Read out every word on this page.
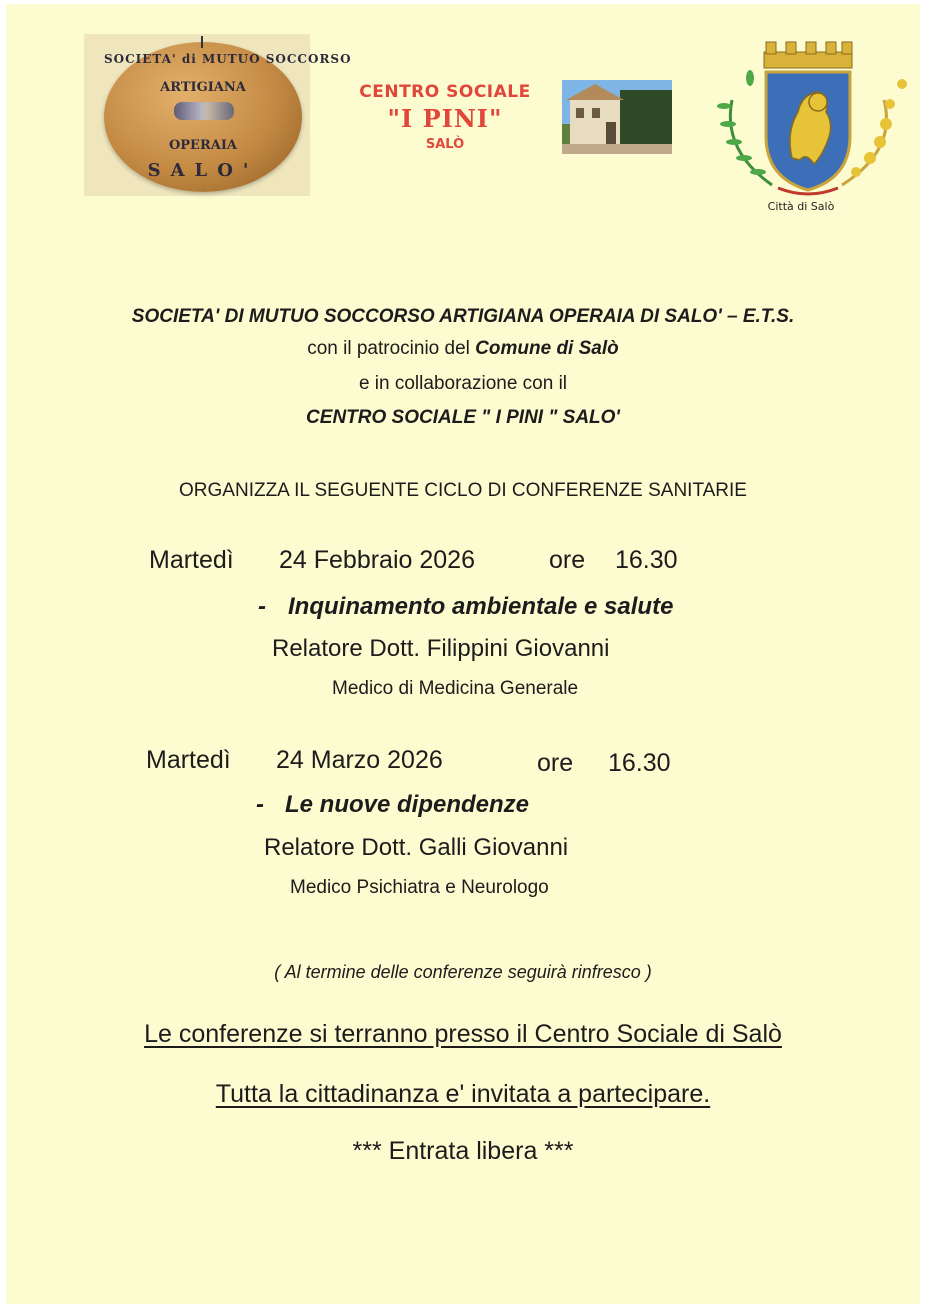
SOCIETA' di MUTUO SOCCORSO
ARTIGIANA
OPERAIA
SALO'
CENTRO SOCIALE
"I PINI"
SALÒ
Città di Salò
SOCIETA' DI MUTUO SOCCORSO ARTIGIANA OPERAIA DI SALO' – E.T.S.
con il patrocinio del Comune di Salò
e in collaborazione con il
CENTRO SOCIALE " I PINI " SALO'
ORGANIZZA IL SEGUENTE CICLO DI CONFERENZE SANITARIE
Martedì 24 Febbraio 2026	ore 16.30
- Inquinamento ambientale e salute
Relatore Dott. Filippini Giovanni
Medico di Medicina Generale
Martedì 24 Marzo 2026	ore 16.30
- Le nuove dipendenze
Relatore Dott. Galli Giovanni
Medico Psichiatra e Neurologo
( Al termine delle conferenze seguirà rinfresco )
Le conferenze si terranno presso il Centro Sociale di Salò
Tutta la cittadinanza e' invitata a partecipare.
*** Entrata libera ***
